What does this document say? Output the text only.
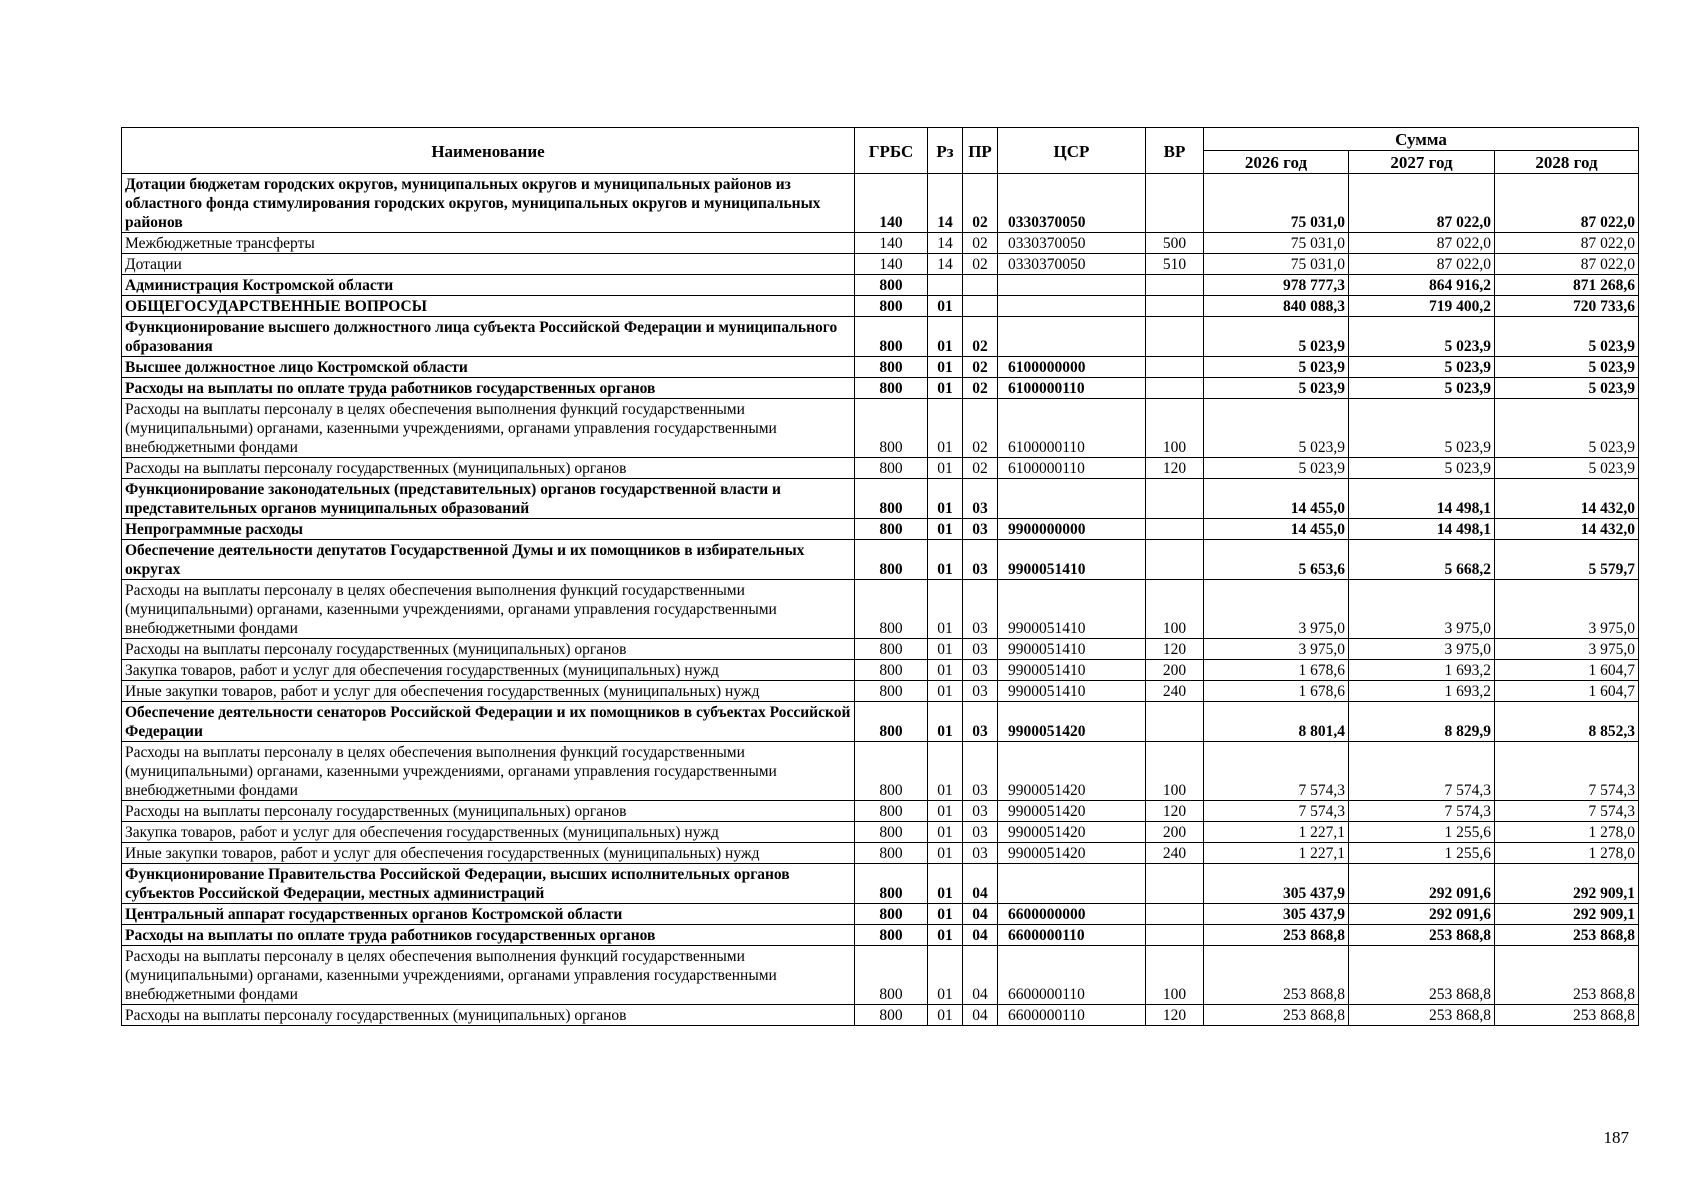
Наименование	ГРБС	Рз	ПР	ЦСР	ВР	Сумма		
						2026 год	2027 год	2028 год
Дотации бюджетам городских округов, муниципальных округов и муниципальных районов из областного фонда стимулирования городских округов, муниципальных округов и муниципальных районов	140	14	02	0330370050		75 031,0	87 022,0	87 022,0
Межбюджетные трансферты	140	14	02	0330370050	500	75 031,0	87 022,0	87 022,0
Дотации	140	14	02	0330370050	510	75 031,0	87 022,0	87 022,0
Администрация Костромской области	800					978 777,3	864 916,2	871 268,6
ОБЩЕГОСУДАРСТВЕННЫЕ ВОПРОСЫ	800	01				840 088,3	719 400,2	720 733,6
Функционирование высшего должностного лица субъекта Российской Федерации и муниципального образования	800	01	02			5 023,9	5 023,9	5 023,9
Высшее должностное лицо Костромской области	800	01	02	6100000000		5 023,9	5 023,9	5 023,9
Расходы на выплаты по оплате труда работников государственных органов	800	01	02	6100000110		5 023,9	5 023,9	5 023,9
Расходы на выплаты персоналу в целях обеспечения выполнения функций государственными (муниципальными) органами, казенными учреждениями, органами управления государственными внебюджетными фондами	800	01	02	6100000110	100	5 023,9	5 023,9	5 023,9
Расходы на выплаты персоналу государственных (муниципальных) органов	800	01	02	6100000110	120	5 023,9	5 023,9	5 023,9
Функционирование законодательных (представительных) органов государственной власти и представительных органов муниципальных образований	800	01	03			14 455,0	14 498,1	14 432,0
Непрограммные расходы	800	01	03	9900000000		14 455,0	14 498,1	14 432,0
Обеспечение деятельности депутатов Государственной Думы и их помощников в избирательных округах	800	01	03	9900051410		5 653,6	5 668,2	5 579,7
Расходы на выплаты персоналу в целях обеспечения выполнения функций государственными (муниципальными) органами, казенными учреждениями, органами управления государственными внебюджетными фондами	800	01	03	9900051410	100	3 975,0	3 975,0	3 975,0
Расходы на выплаты персоналу государственных (муниципальных) органов	800	01	03	9900051410	120	3 975,0	3 975,0	3 975,0
Закупка товаров, работ и услуг для обеспечения государственных (муниципальных) нужд	800	01	03	9900051410	200	1 678,6	1 693,2	1 604,7
Иные закупки товаров, работ и услуг для обеспечения государственных (муниципальных) нужд	800	01	03	9900051410	240	1 678,6	1 693,2	1 604,7
Обеспечение деятельности сенаторов Российской Федерации и их помощников в субъектах Российской Федерации	800	01	03	9900051420		8 801,4	8 829,9	8 852,3
Расходы на выплаты персоналу в целях обеспечения выполнения функций государственными (муниципальными) органами, казенными учреждениями, органами управления государственными внебюджетными фондами	800	01	03	9900051420	100	7 574,3	7 574,3	7 574,3
Расходы на выплаты персоналу государственных (муниципальных) органов	800	01	03	9900051420	120	7 574,3	7 574,3	7 574,3
Закупка товаров, работ и услуг для обеспечения государственных (муниципальных) нужд	800	01	03	9900051420	200	1 227,1	1 255,6	1 278,0
Иные закупки товаров, работ и услуг для обеспечения государственных (муниципальных) нужд	800	01	03	9900051420	240	1 227,1	1 255,6	1 278,0
Функционирование Правительства Российской Федерации, высших исполнительных органов субъектов Российской Федерации, местных администраций	800	01	04			305 437,9	292 091,6	292 909,1
Центральный аппарат государственных органов Костромской области	800	01	04	6600000000		305 437,9	292 091,6	292 909,1
Расходы на выплаты по оплате труда работников государственных органов	800	01	04	6600000110		253 868,8	253 868,8	253 868,8
Расходы на выплаты персоналу в целях обеспечения выполнения функций государственными (муниципальными) органами, казенными учреждениями, органами управления государственными внебюджетными фондами	800	01	04	6600000110	100	253 868,8	253 868,8	253 868,8
Расходы на выплаты персоналу государственных (муниципальных) органов	800	01	04	6600000110	120	253 868,8	253 868,8	253 868,8
187
